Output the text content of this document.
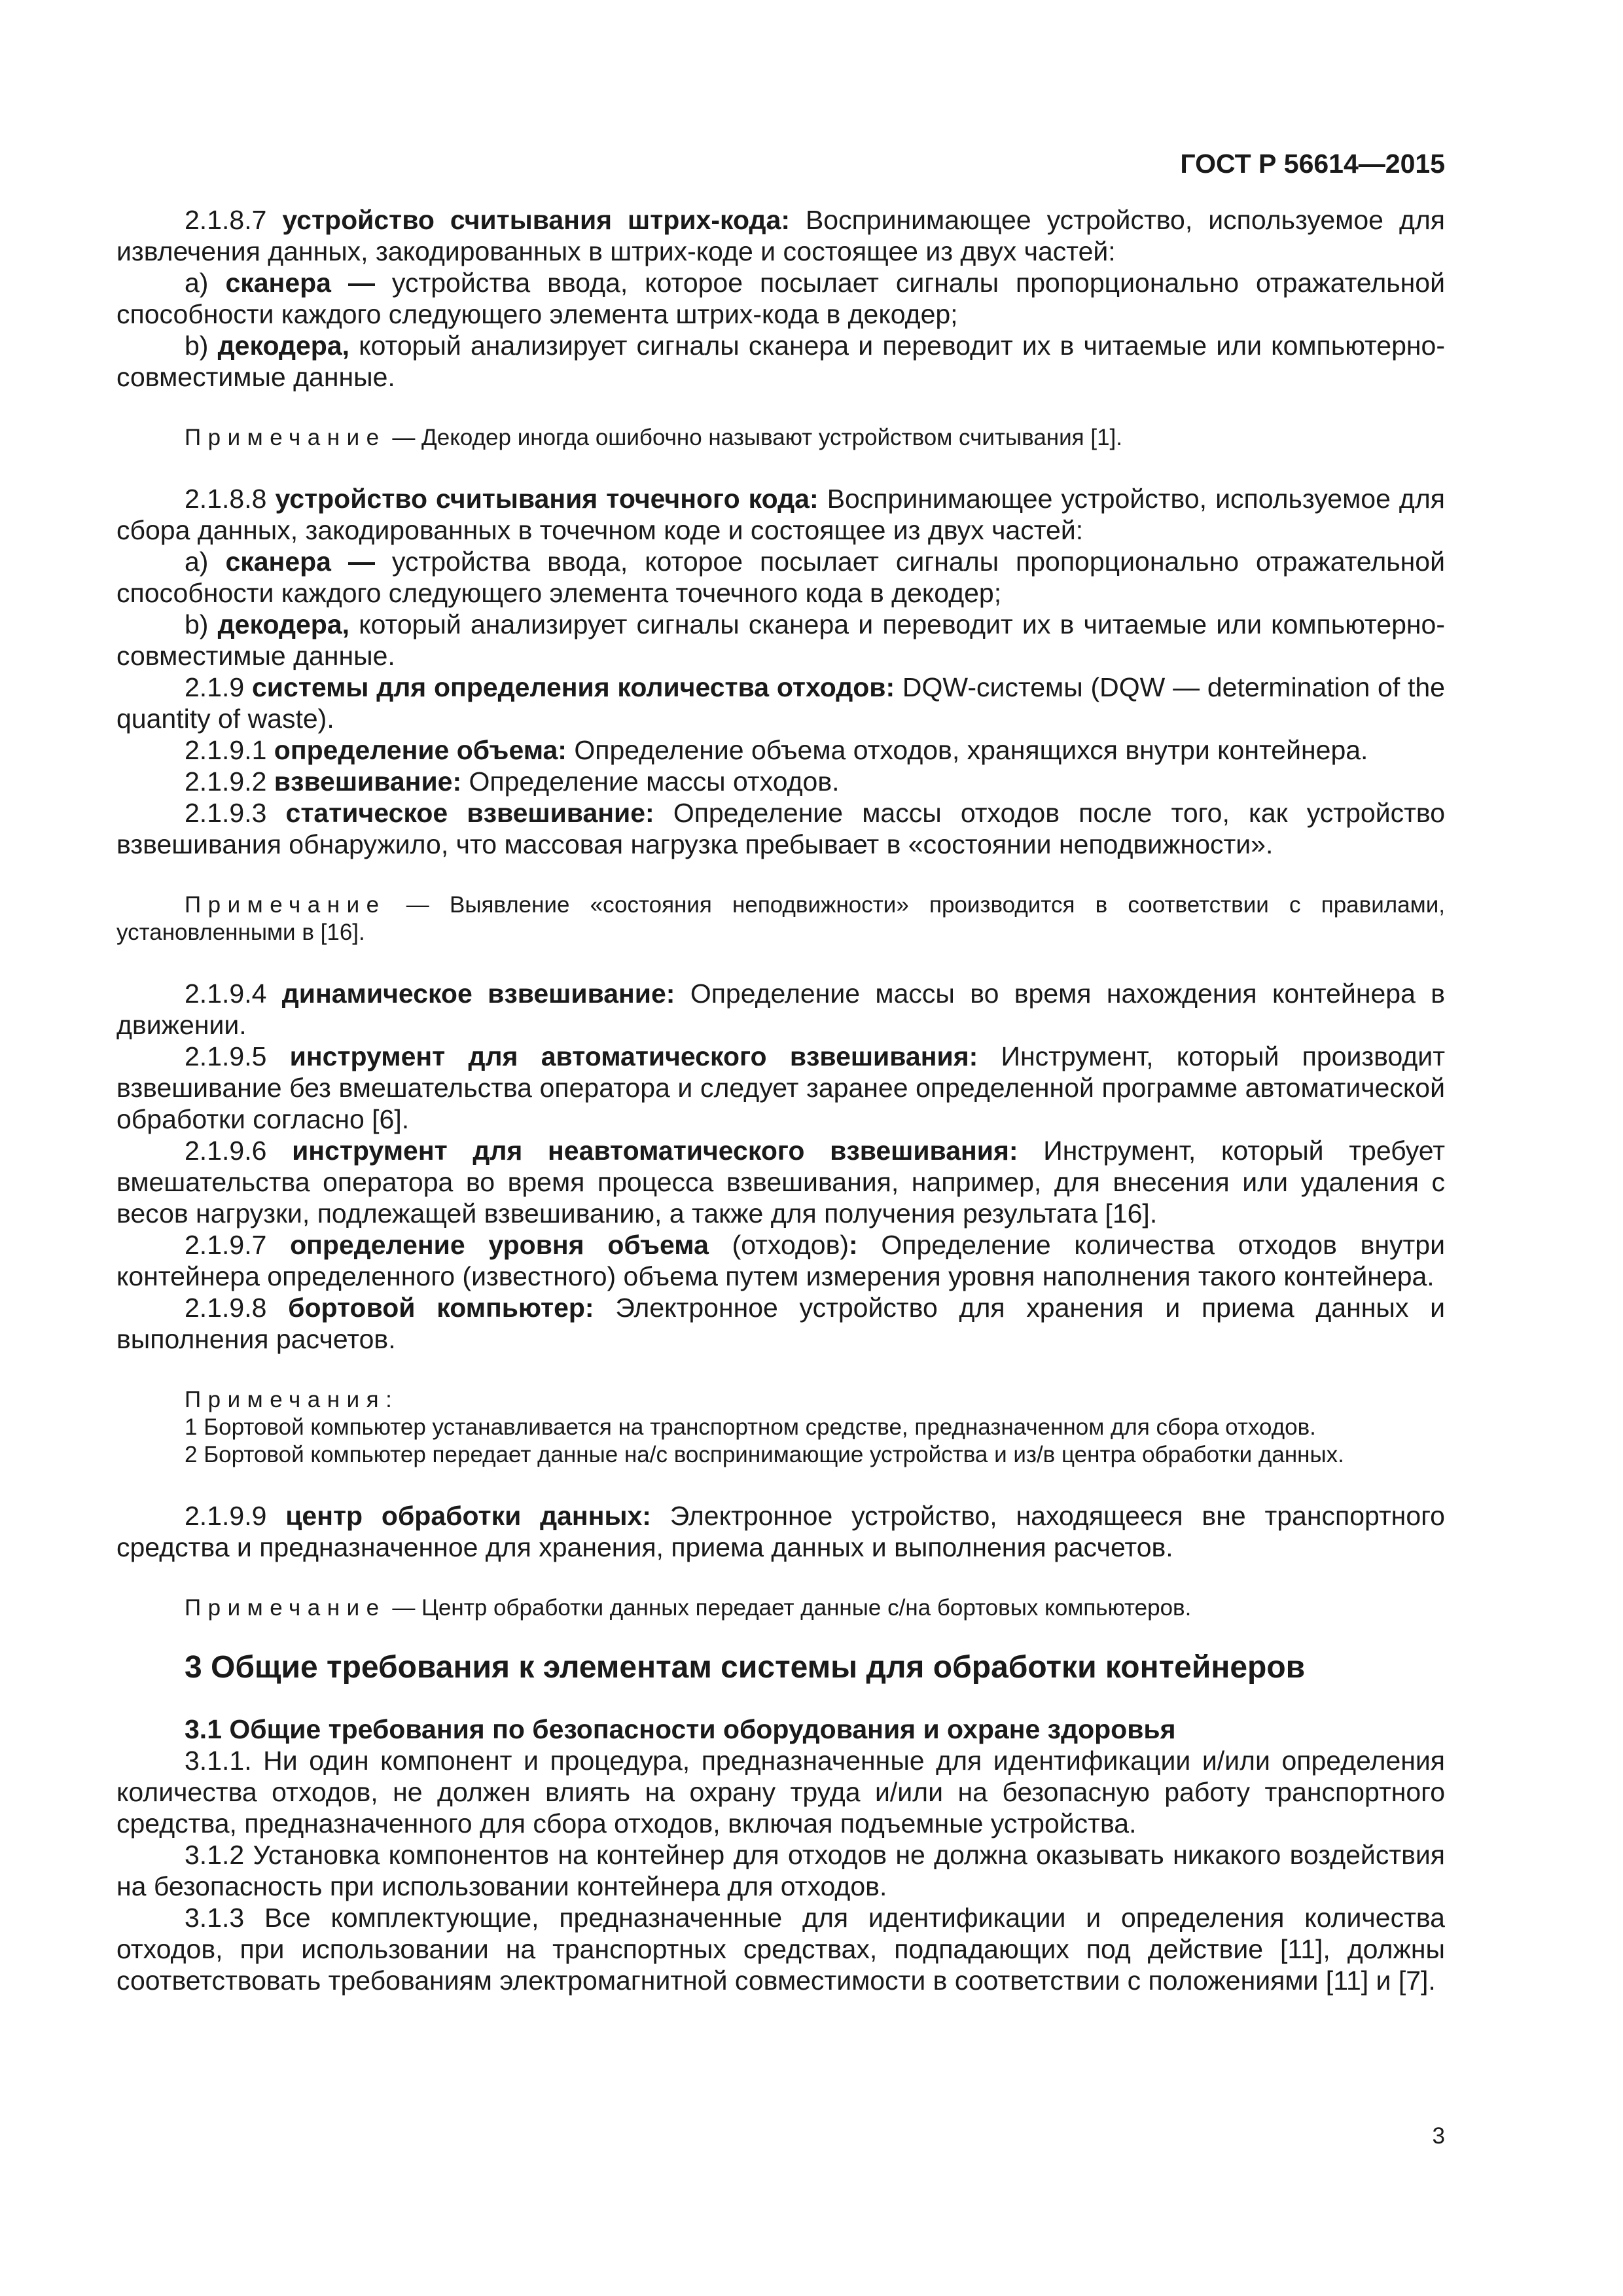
ГОСТ Р 56614—2015

2.1.8.7 устройство считывания штрих-кода: Воспринимающее устройство, используемое для извлечения данных, закодированных в штрих-коде и состоящее из двух частей:

a) сканера — устройства ввода, которое посылает сигналы пропорционально отражательной способности каждого следующего элемента штрих-кода в декодер;

b) декодера, который анализирует сигналы сканера и переводит их в читаемые или компьютерно-совместимые данные.

Примечание — Декодер иногда ошибочно называют устройством считывания [1].

2.1.8.8 устройство считывания точечного кода: Воспринимающее устройство, используемое для сбора данных, закодированных в точечном коде и состоящее из двух частей:

a) сканера — устройства ввода, которое посылает сигналы пропорционально отражательной способности каждого следующего элемента точечного кода в декодер;

b) декодера, который анализирует сигналы сканера и переводит их в читаемые или компьютерно-совместимые данные.

2.1.9 системы для определения количества отходов: DQW-системы (DQW — determination of the quantity of waste).

2.1.9.1 определение объема: Определение объема отходов, хранящихся внутри контейнера.

2.1.9.2 взвешивание: Определение массы отходов.

2.1.9.3 статическое взвешивание: Определение массы отходов после того, как устройство взвешивания обнаружило, что массовая нагрузка пребывает в «состоянии неподвижности».

Примечание — Выявление «состояния неподвижности» производится в соответствии с правилами, установленными в [16].

2.1.9.4 динамическое взвешивание: Определение массы во время нахождения контейнера в движении.

2.1.9.5 инструмент для автоматического взвешивания: Инструмент, который производит взвешивание без вмешательства оператора и следует заранее определенной программе автоматической обработки согласно [6].

2.1.9.6 инструмент для неавтоматического взвешивания: Инструмент, который требует вмешательства оператора во время процесса взвешивания, например, для внесения или удаления с весов нагрузки, подлежащей взвешиванию, а также для получения результата [16].

2.1.9.7 определение уровня объема (отходов): Определение количества отходов внутри контейнера определенного (известного) объема путем измерения уровня наполнения такого контейнера.

2.1.9.8 бортовой компьютер: Электронное устройство для хранения и приема данных и выполнения расчетов.

Примечания:

1 Бортовой компьютер устанавливается на транспортном средстве, предназначенном для сбора отходов.

2 Бортовой компьютер передает данные на/с воспринимающие устройства и из/в центра обработки данных.

2.1.9.9 центр обработки данных: Электронное устройство, находящееся вне транспортного средства и предназначенное для хранения, приема данных и выполнения расчетов.

Примечание — Центр обработки данных передает данные с/на бортовых компьютеров.

3 Общие требования к элементам системы для обработки контейнеров
3.1 Общие требования по безопасности оборудования и охране здоровья

3.1.1. Ни один компонент и процедура, предназначенные для идентификации и/или определения количества отходов, не должен влиять на охрану труда и/или на безопасную работу транспортного средства, предназначенного для сбора отходов, включая подъемные устройства.

3.1.2 Установка компонентов на контейнер для отходов не должна оказывать никакого воздействия на безопасность при использовании контейнера для отходов.

3.1.3 Все комплектующие, предназначенные для идентификации и определения количества отходов, при использовании на транспортных средствах, подпадающих под действие [11], должны соответствовать требованиям электромагнитной совместимости в соответствии с положениями [11] и [7].

3
